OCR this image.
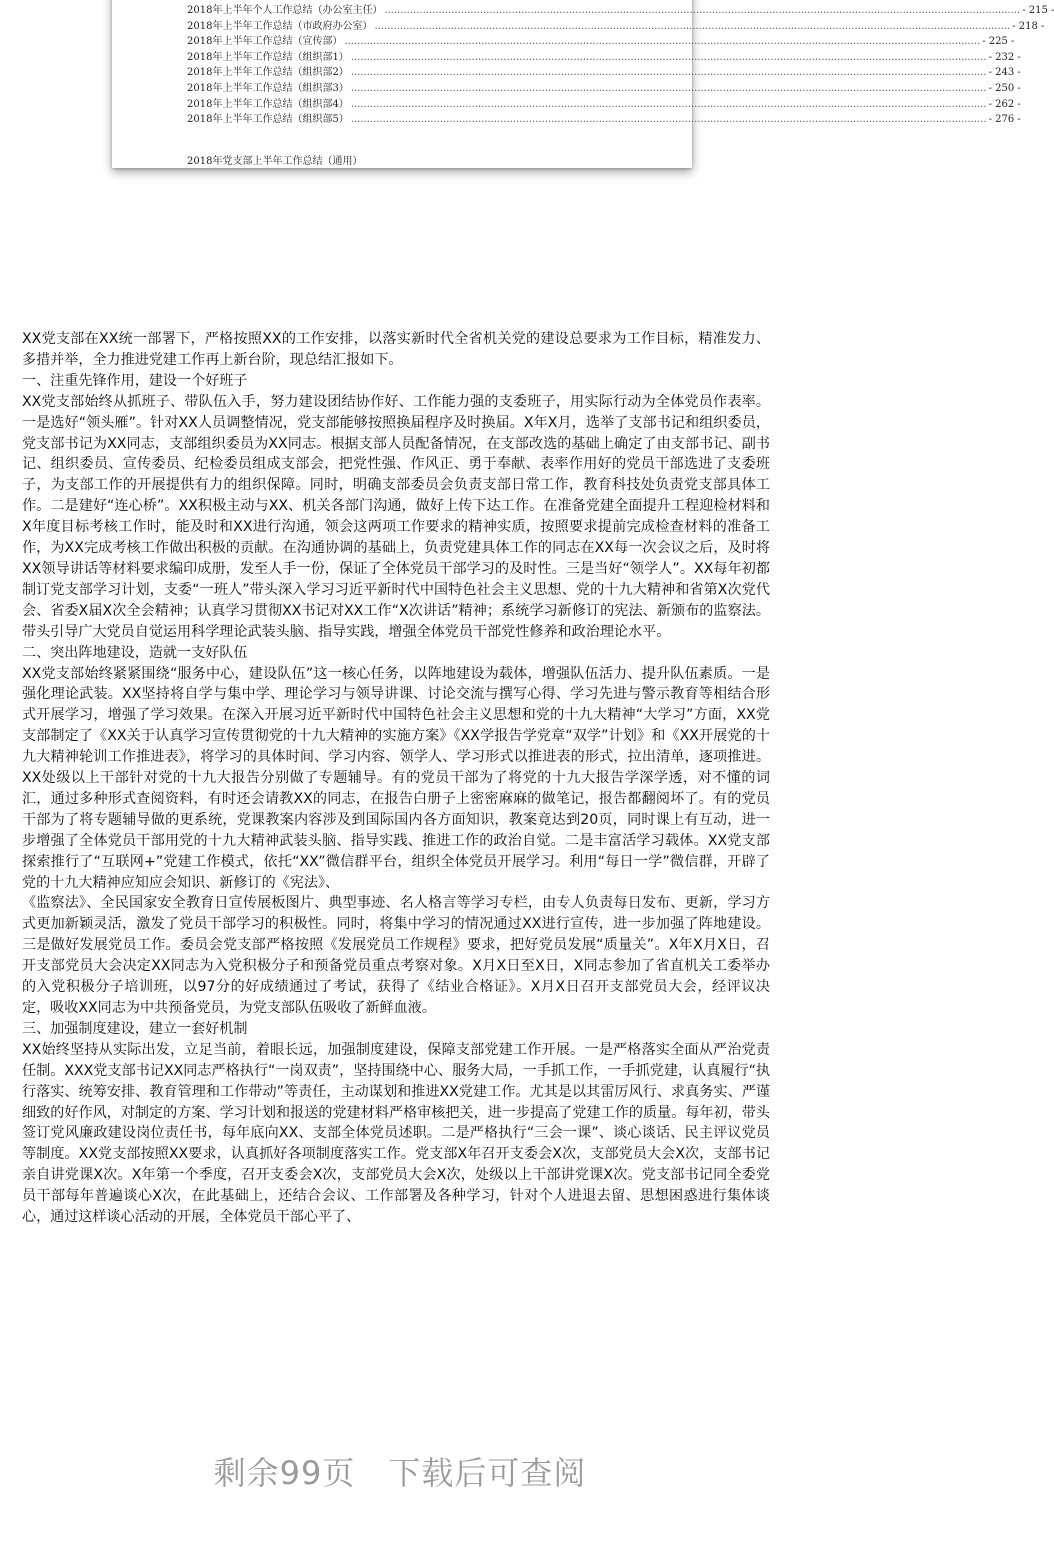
2018年上半年个人工作总结（办公室主任） ........................................................................................................................................................................................................ - 215 -
2018年上半年工作总结（市政府办公室） ........................................................................................................................................................................................................ - 218 -
2018年上半年工作总结（宣传部） ........................................................................................................................................................................................................ - 225 -
2018年上半年工作总结（组织部1） ........................................................................................................................................................................................................ - 232 -
2018年上半年工作总结（组织部2） ........................................................................................................................................................................................................ - 243 -
2018年上半年工作总结（组织部3） ........................................................................................................................................................................................................ - 250 -
2018年上半年工作总结（组织部4） ........................................................................................................................................................................................................ - 262 -
2018年上半年工作总结（组织部5） ........................................................................................................................................................................................................ - 276 -
2018年党支部上半年工作总结（通用）

XX党支部在XX统一部署下，严格按照XX的工作安排，以落实新时代全省机关党的建设总要求为工作目标，精准发力、多措并举，全力推进党建工作再上新台阶，现总结汇报如下。

一、注重先锋作用，建设一个好班子

XX党支部始终从抓班子、带队伍入手，努力建设团结协作好、工作能力强的支委班子，用实际行动为全体党员作表率。一是选好“领头雁”。针对XX人员调整情况，党支部能够按照换届程序及时换届。X年X月，选举了支部书记和组织委员，党支部书记为XX同志，支部组织委员为XX同志。根据支部人员配备情况，在支部改选的基础上确定了由支部书记、副书记、组织委员、宣传委员、纪检委员组成支部会，把党性强、作风正、勇于奉献、表率作用好的党员干部选进了支委班子，为支部工作的开展提供有力的组织保障。同时，明确支部委员会负责支部日常工作，教育科技处负责党支部具体工作。二是建好“连心桥”。XX积极主动与XX、机关各部门沟通，做好上传下达工作。在准备党建全面提升工程迎检材料和X年度目标考核工作时，能及时和XX进行沟通，领会这两项工作要求的精神实质，按照要求提前完成检查材料的准备工作，为XX完成考核工作做出积极的贡献。在沟通协调的基础上，负责党建具体工作的同志在XX每一次会议之后，及时将XX领导讲话等材料要求编印成册，发至人手一份，保证了全体党员干部学习的及时性。三是当好“领学人”。XX每年初都制订党支部学习计划，支委“一班人”带头深入学习习近平新时代中国特色社会主义思想、党的十九大精神和省第X次党代会、省委X届X次全会精神；认真学习贯彻XX书记对XX工作“X次讲话”精神；系统学习新修订的宪法、新颁布的监察法。带头引导广大党员自觉运用科学理论武装头脑、指导实践，增强全体党员干部党性修养和政治理论水平。

二、突出阵地建设，造就一支好队伍

XX党支部始终紧紧围绕“服务中心，建设队伍”这一核心任务，以阵地建设为载体，增强队伍活力、提升队伍素质。一是强化理论武装。XX坚持将自学与集中学、理论学习与领导讲课、讨论交流与撰写心得、学习先进与警示教育等相结合形式开展学习，增强了学习效果。在深入开展习近平新时代中国特色社会主义思想和党的十九大精神“大学习”方面，XX党支部制定了《XX关于认真学习宣传贯彻党的十九大精神的实施方案》《XX学报告学党章“双学”计划》和《XX开展党的十九大精神轮训工作推进表》，将学习的具体时间、学习内容、领学人、学习形式以推进表的形式，拉出清单，逐项推进。XX处级以上干部针对党的十九大报告分别做了专题辅导。有的党员干部为了将党的十九大报告学深学透，对不懂的词汇，通过多种形式查阅资料，有时还会请教XX的同志，在报告白册子上密密麻麻的做笔记，报告都翻阅坏了。有的党员干部为了将专题辅导做的更系统，党课教案内容涉及到国际国内各方面知识，教案竟达到20页，同时课上有互动，进一步增强了全体党员干部用党的十九大精神武装头脑、指导实践、推进工作的政治自觉。二是丰富活学习载体。XX党支部探索推行了“互联网+”党建工作模式，依托“XX”微信群平台，组织全体党员开展学习。利用“每日一学”微信群，开辟了党的十九大精神应知应会知识、新修订的《宪法》、

《监察法》、全民国家安全教育日宣传展板图片、典型事迹、名人格言等学习专栏，由专人负责每日发布、更新，学习方式更加新颖灵活，激发了党员干部学习的积极性。同时，将集中学习的情况通过XX进行宣传，进一步加强了阵地建设。三是做好发展党员工作。委员会党支部严格按照《发展党员工作规程》要求，把好党员发展“质量关”。X年X月X日，召开支部党员大会决定XX同志为入党积极分子和预备党员重点考察对象。X月X日至X日，X同志参加了省直机关工委举办的入党积极分子培训班，以97分的好成绩通过了考试，获得了《结业合格证》。X月X日召开支部党员大会，经评议决定，吸收XX同志为中共预备党员，为党支部队伍吸收了新鲜血液。

三、加强制度建设，建立一套好机制

XX始终坚持从实际出发，立足当前，着眼长远，加强制度建设，保障支部党建工作开展。一是严格落实全面从严治党责任制。XXX党支部书记XX同志严格执行“一岗双责”，坚持围绕中心、服务大局，一手抓工作，一手抓党建，认真履行“执行落实、统筹安排、教育管理和工作带动”等责任，主动谋划和推进XX党建工作。尤其是以其雷厉风行、求真务实、严谨细致的好作风，对制定的方案、学习计划和报送的党建材料严格审核把关，进一步提高了党建工作的质量。每年初，带头签订党风廉政建设岗位责任书，每年底向XX、支部全体党员述职。二是严格执行“三会一课”、谈心谈话、民主评议党员等制度。XX党支部按照XX要求，认真抓好各项制度落实工作。党支部X年召开支委会X次，支部党员大会X次，支部书记亲自讲党课X次。X年第一个季度，召开支委会X次，支部党员大会X次，处级以上干部讲党课X次。党支部书记同全委党员干部每年普遍谈心X次，在此基础上，还结合会议、工作部署及各种学习，针对个人进退去留、思想困惑进行集体谈心，通过这样谈心活动的开展，全体党员干部心平了、

剩余99页　下载后可查阅
